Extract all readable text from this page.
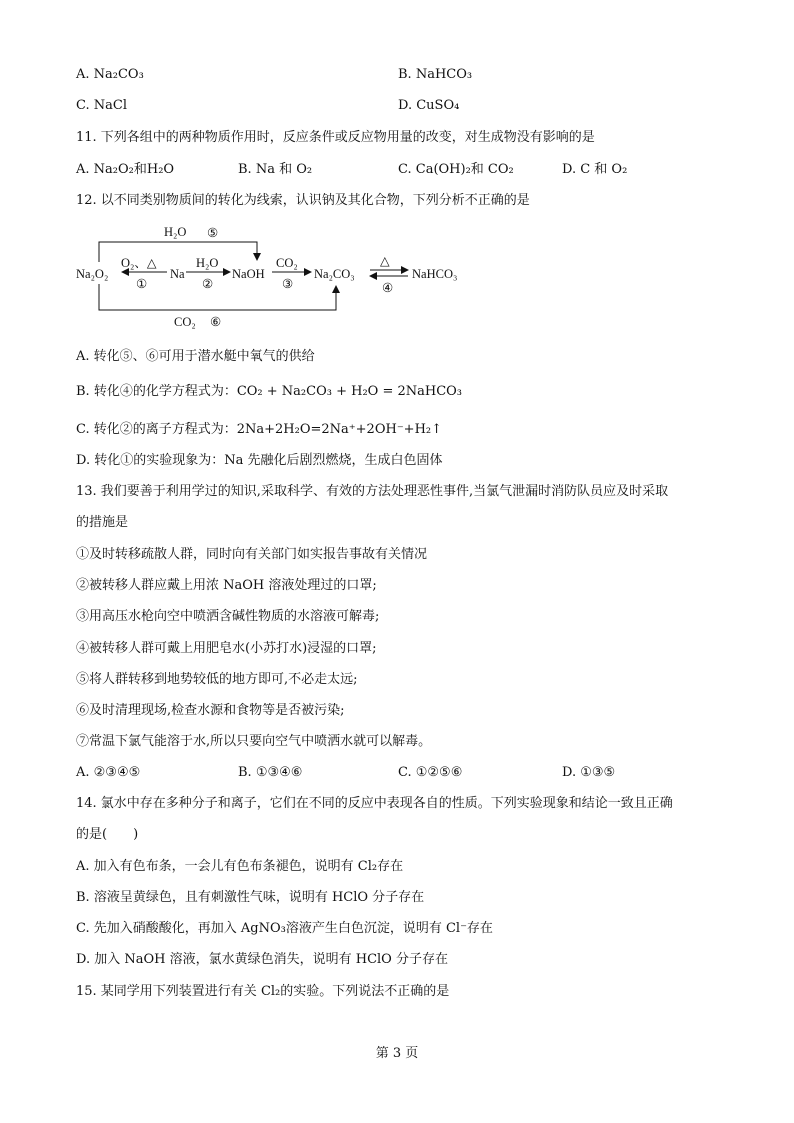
A. Na₂CO₃	B. NaHCO₃
C. NaCl	D. CuSO₄
11. 下列各组中的两种物质作用时，反应条件或反应物用量的改变，对生成物没有影响的是
A. Na₂O₂和H₂O	B. Na 和 O₂	C. Ca(OH)₂和 CO₂	D. C 和 O₂
12. 以不同类别物质间的转化为线索，认识钠及其化合物，下列分析不正确的是
Na₂O₂	Na	NaOH	Na₂CO₃	NaHCO₃
O₂、△
①
H₂O
②
CO₂
③
△
④
H₂O ⑤
CO₂ ⑥
A. 转化⑤、⑥可用于潜水艇中氧气的供给
B. 转化④的化学方程式为：CO₂ + Na₂CO₃ + H₂O = 2NaHCO₃
C. 转化②的离子方程式为：2Na+2H₂O=2Na⁺+2OH⁻+H₂↑
D. 转化①的实验现象为：Na 先融化后剧烈燃烧，生成白色固体
13. 我们要善于利用学过的知识,采取科学、有效的方法处理恶性事件,当氯气泄漏时消防队员应及时采取
的措施是
①及时转移疏散人群，同时向有关部门如实报告事故有关情况
②被转移人群应戴上用浓 NaOH 溶液处理过的口罩;
③用高压水枪向空中喷洒含碱性物质的水溶液可解毒;
④被转移人群可戴上用肥皂水(小苏打水)浸湿的口罩;
⑤将人群转移到地势较低的地方即可,不必走太远;
⑥及时清理现场,检查水源和食物等是否被污染;
⑦常温下氯气能溶于水,所以只要向空气中喷洒水就可以解毒。
A. ②③④⑤	B. ①③④⑥	C. ①②⑤⑥	D. ①③⑤
14. 氯水中存在多种分子和离子，它们在不同的反应中表现各自的性质。下列实验现象和结论一致且正确
的是(　　)
A. 加入有色布条，一会儿有色布条褪色，说明有 Cl₂存在
B. 溶液呈黄绿色，且有刺激性气味，说明有 HClO 分子存在
C. 先加入硝酸酸化，再加入 AgNO₃溶液产生白色沉淀，说明有 Cl⁻存在
D. 加入 NaOH 溶液，氯水黄绿色消失，说明有 HClO 分子存在
15. 某同学用下列装置进行有关 Cl₂的实验。下列说法不正确的是
第 3 页
